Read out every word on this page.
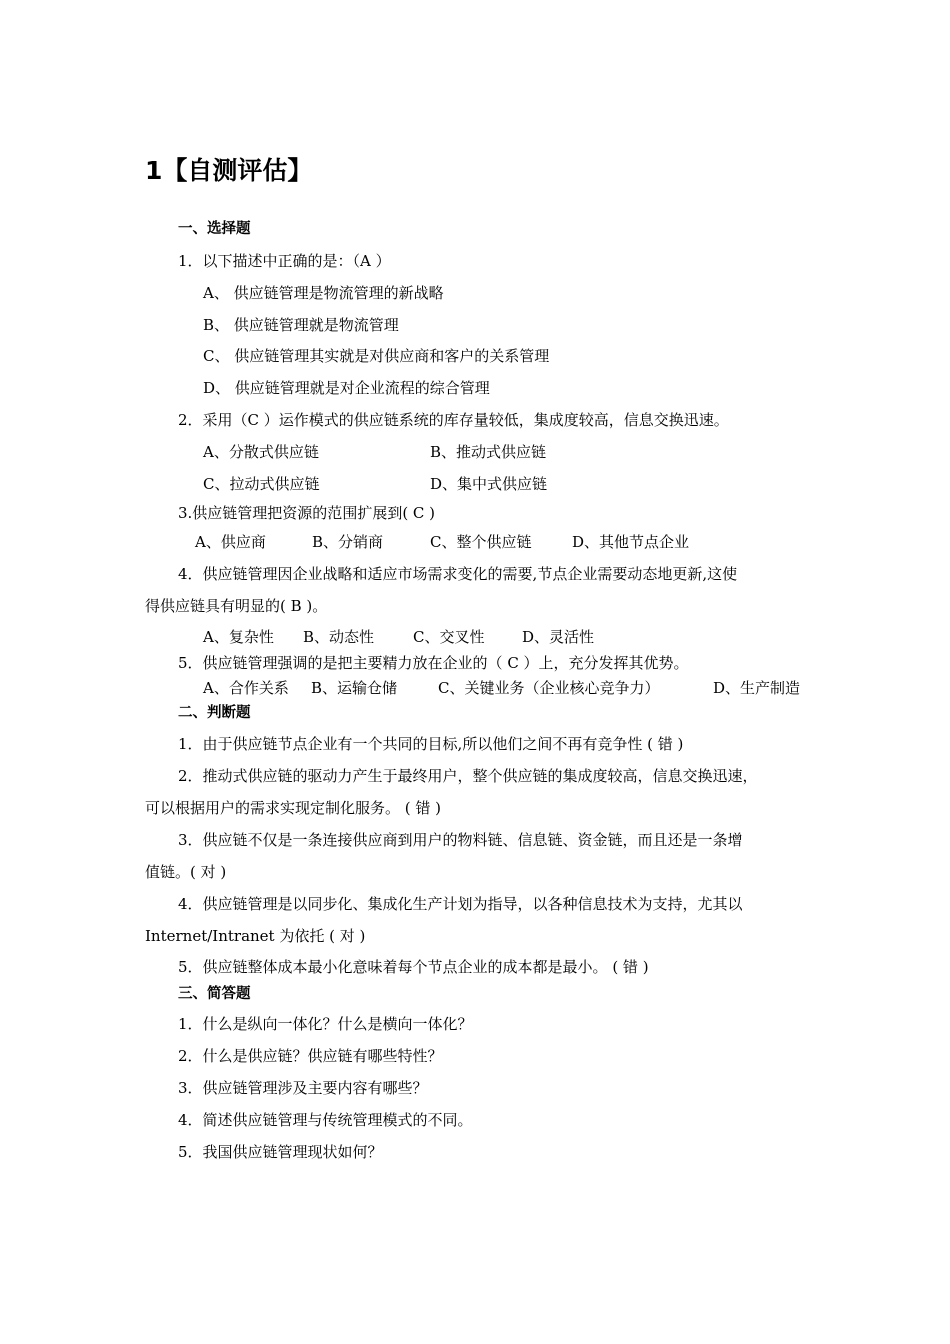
1【自测评估】
一、选择题
1．以下描述中正确的是：（A ）
A、 供应链管理是物流管理的新战略
B、 供应链管理就是物流管理
C、 供应链管理其实就是对供应商和客户的关系管理
D、 供应链管理就是对企业流程的综合管理
2．采用（C ）运作模式的供应链系统的库存量较低，集成度较高，信息交换迅速。
A、分散式供应链	B、推动式供应链
C、拉动式供应链	D、集中式供应链
3.供应链管理把资源的范围扩展到( C )
A、供应商	B、分销商	C、整个供应链	D、其他节点企业
4．供应链管理因企业战略和适应市场需求变化的需要,节点企业需要动态地更新,这使
得供应链具有明显的( B )。
A、复杂性 B、动态性	C、交叉性	D、灵活性
5．供应链管理强调的是把主要精力放在企业的（ C ）上，充分发挥其优势。
A、合作关系 B、运输仓储	C、关键业务（企业核心竞争力）	D、生产制造
二、判断题
1．由于供应链节点企业有一个共同的目标,所以他们之间不再有竞争性 ( 错 )
2．推动式供应链的驱动力产生于最终用户，整个供应链的集成度较高，信息交换迅速，
可以根据用户的需求实现定制化服务。 ( 错 )
3．供应链不仅是一条连接供应商到用户的物料链、信息链、资金链，而且还是一条增
值链。( 对 )
4．供应链管理是以同步化、集成化生产计划为指导，以各种信息技术为支持，尤其以
Internet/Intranet 为依托 ( 对 )
5．供应链整体成本最小化意味着每个节点企业的成本都是最小。 ( 错 )
三、简答题
1．什么是纵向一体化？什么是横向一体化？
2．什么是供应链？供应链有哪些特性？
3．供应链管理涉及主要内容有哪些？
4．简述供应链管理与传统管理模式的不同。
5．我国供应链管理现状如何？
